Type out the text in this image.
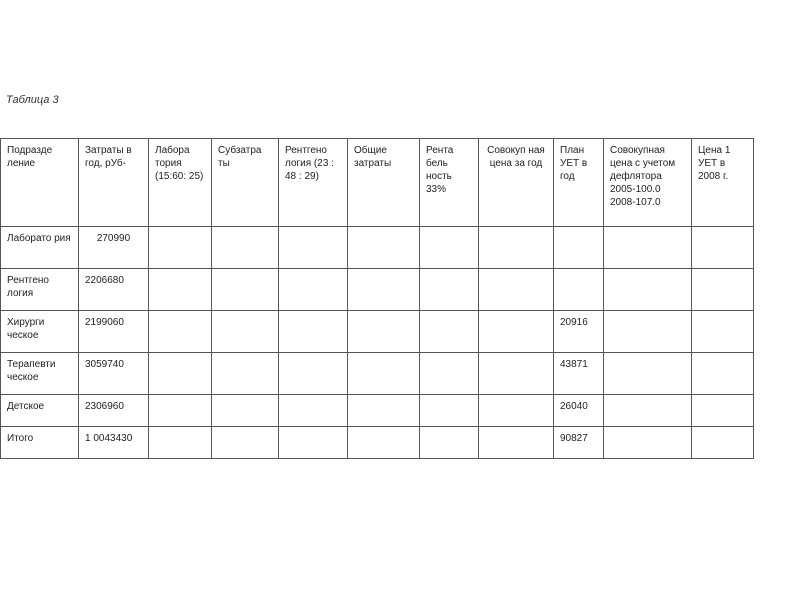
Таблица 3
Подразде ление	Затраты в год, рУб-	Лабора тория (15:60: 25)	Субзатра ты	Рентгено логия (23 : 48 : 29)	Общие затраты	Рента бель ность 33%	Совокуп ная цена за год	План УЕТ в год	Совокупная цена с учетом дефлятора 2005-100.0 2008-107.0	Цена 1 УЕТ в 2008 г.
Лаборато рия	270990									
Рентгено логия	2206680									
Хирурги ческое	2199060							20916		
Терапевти ческое	3059740							43871		
Детское	2306960							26040		
Итого	1 0043430							90827		
